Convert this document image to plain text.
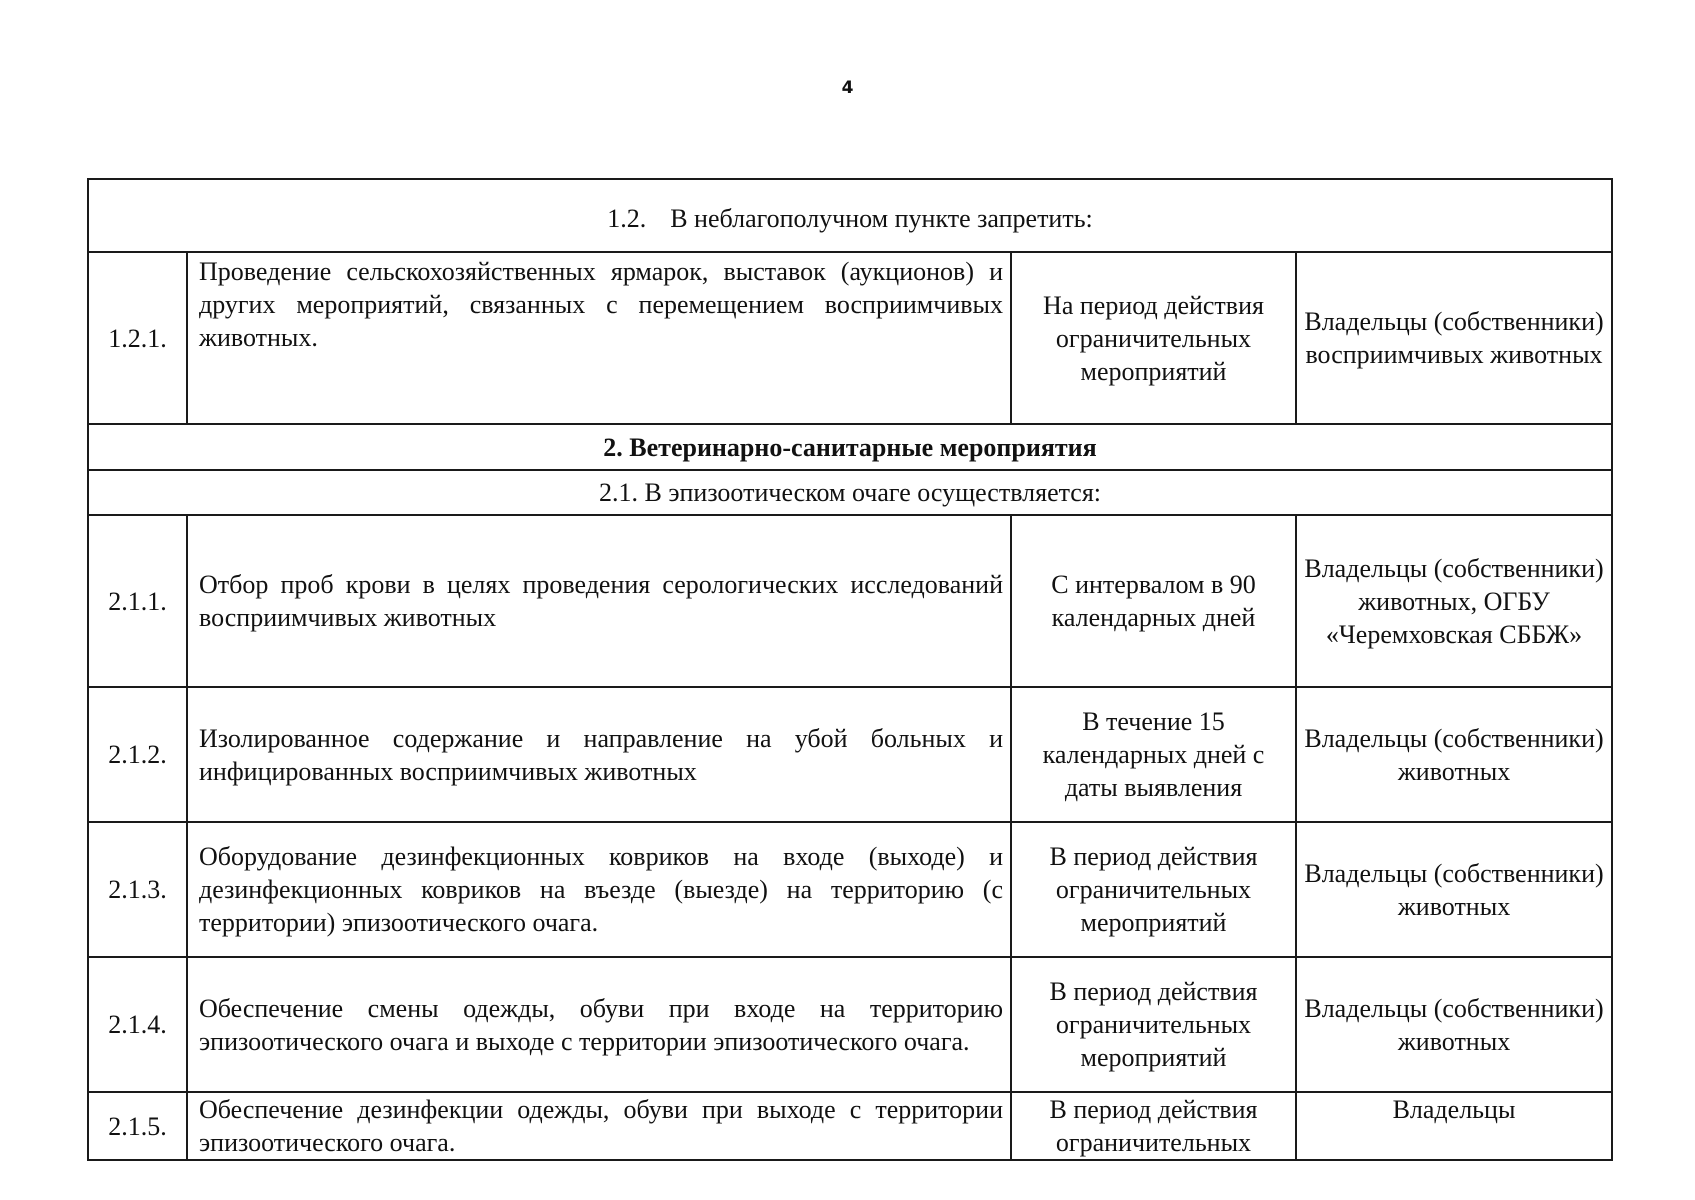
4
1.2. В неблагополучном пункте запретить:			
1.2.1.	Проведение сельскохозяйственных ярмарок, выставок (аукционов) и других мероприятий, связанных с перемещением восприимчивых животных.	На период действия ограничительных мероприятий	Владельцы (собственники) восприимчивых животных
2. Ветеринарно-санитарные мероприятия			
2.1. В эпизоотическом очаге осуществляется:			
2.1.1.	Отбор проб крови в целях проведения серологических исследований восприимчивых животных	С интервалом в 90 календарных дней	Владельцы (собственники) животных, ОГБУ «Черемховская СББЖ»
2.1.2.	Изолированное содержание и направление на убой больных и инфицированных восприимчивых животных	В течение 15 календарных дней с даты выявления	Владельцы (собственники) животных
2.1.3.	Оборудование дезинфекционных ковриков на входе (выходе) и дезинфекционных ковриков на въезде (выезде) на территорию (с территории) эпизоотического очага.	В период действия ограничительных мероприятий	Владельцы (собственники) животных
2.1.4.	Обеспечение смены одежды, обуви при входе на территорию эпизоотического очага и выходе с территории эпизоотического очага.	В период действия ограничительных мероприятий	Владельцы (собственники) животных
2.1.5.	Обеспечение дезинфекции одежды, обуви при выходе с территории эпизоотического очага.	В период действия ограничительных	Владельцы
